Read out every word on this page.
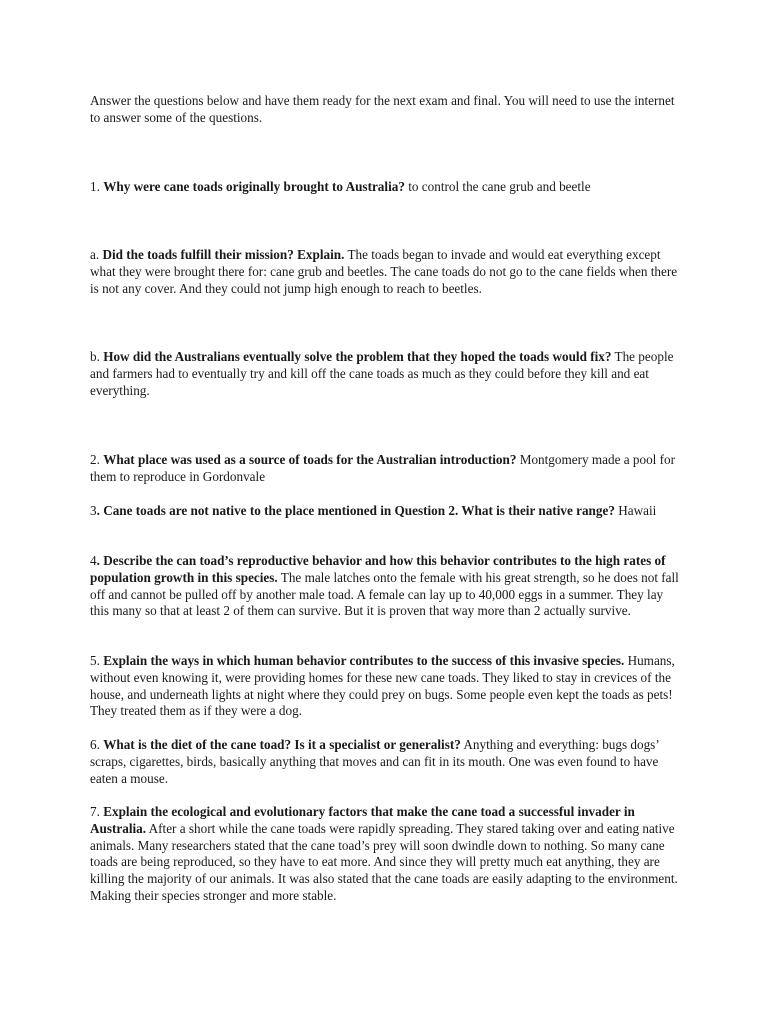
Answer the questions below and have them ready for the next exam and final. You will need to use the internet to answer some of the questions.

1. Why were cane toads originally brought to Australia? to control the cane grub and beetle

a. Did the toads fulfill their mission? Explain. The toads began to invade and would eat everything except what they were brought there for: cane grub and beetles. The cane toads do not go to the cane fields when there is not any cover. And they could not jump high enough to reach to beetles.

b. How did the Australians eventually solve the problem that they hoped the toads would fix? The people and farmers had to eventually try and kill off the cane toads as much as they could before they kill and eat everything.

2. What place was used as a source of toads for the Australian introduction? Montgomery made a pool for them to reproduce in Gordonvale

3. Cane toads are not native to the place mentioned in Question 2. What is their native range? Hawaii

4. Describe the can toad’s reproductive behavior and how this behavior contributes to the high rates of population growth in this species. The male latches onto the female with his great strength, so he does not fall off and cannot be pulled off by another male toad. A female can lay up to 40,000 eggs in a summer. They lay this many so that at least 2 of them can survive. But it is proven that way more than 2 actually survive.

5. Explain the ways in which human behavior contributes to the success of this invasive species. Humans, without even knowing it, were providing homes for these new cane toads. They liked to stay in crevices of the house, and underneath lights at night where they could prey on bugs. Some people even kept the toads as pets! They treated them as if they were a dog.

6. What is the diet of the cane toad? Is it a specialist or generalist? Anything and everything: bugs dogs’ scraps, cigarettes, birds, basically anything that moves and can fit in its mouth. One was even found to have eaten a mouse.

7. Explain the ecological and evolutionary factors that make the cane toad a successful invader in Australia. After a short while the cane toads were rapidly spreading. They stared taking over and eating native animals. Many researchers stated that the cane toad’s prey will soon dwindle down to nothing. So many cane toads are being reproduced, so they have to eat more. And since they will pretty much eat anything, they are killing the majority of our animals. It was also stated that the cane toads are easily adapting to the environment. Making their species stronger and more stable.
